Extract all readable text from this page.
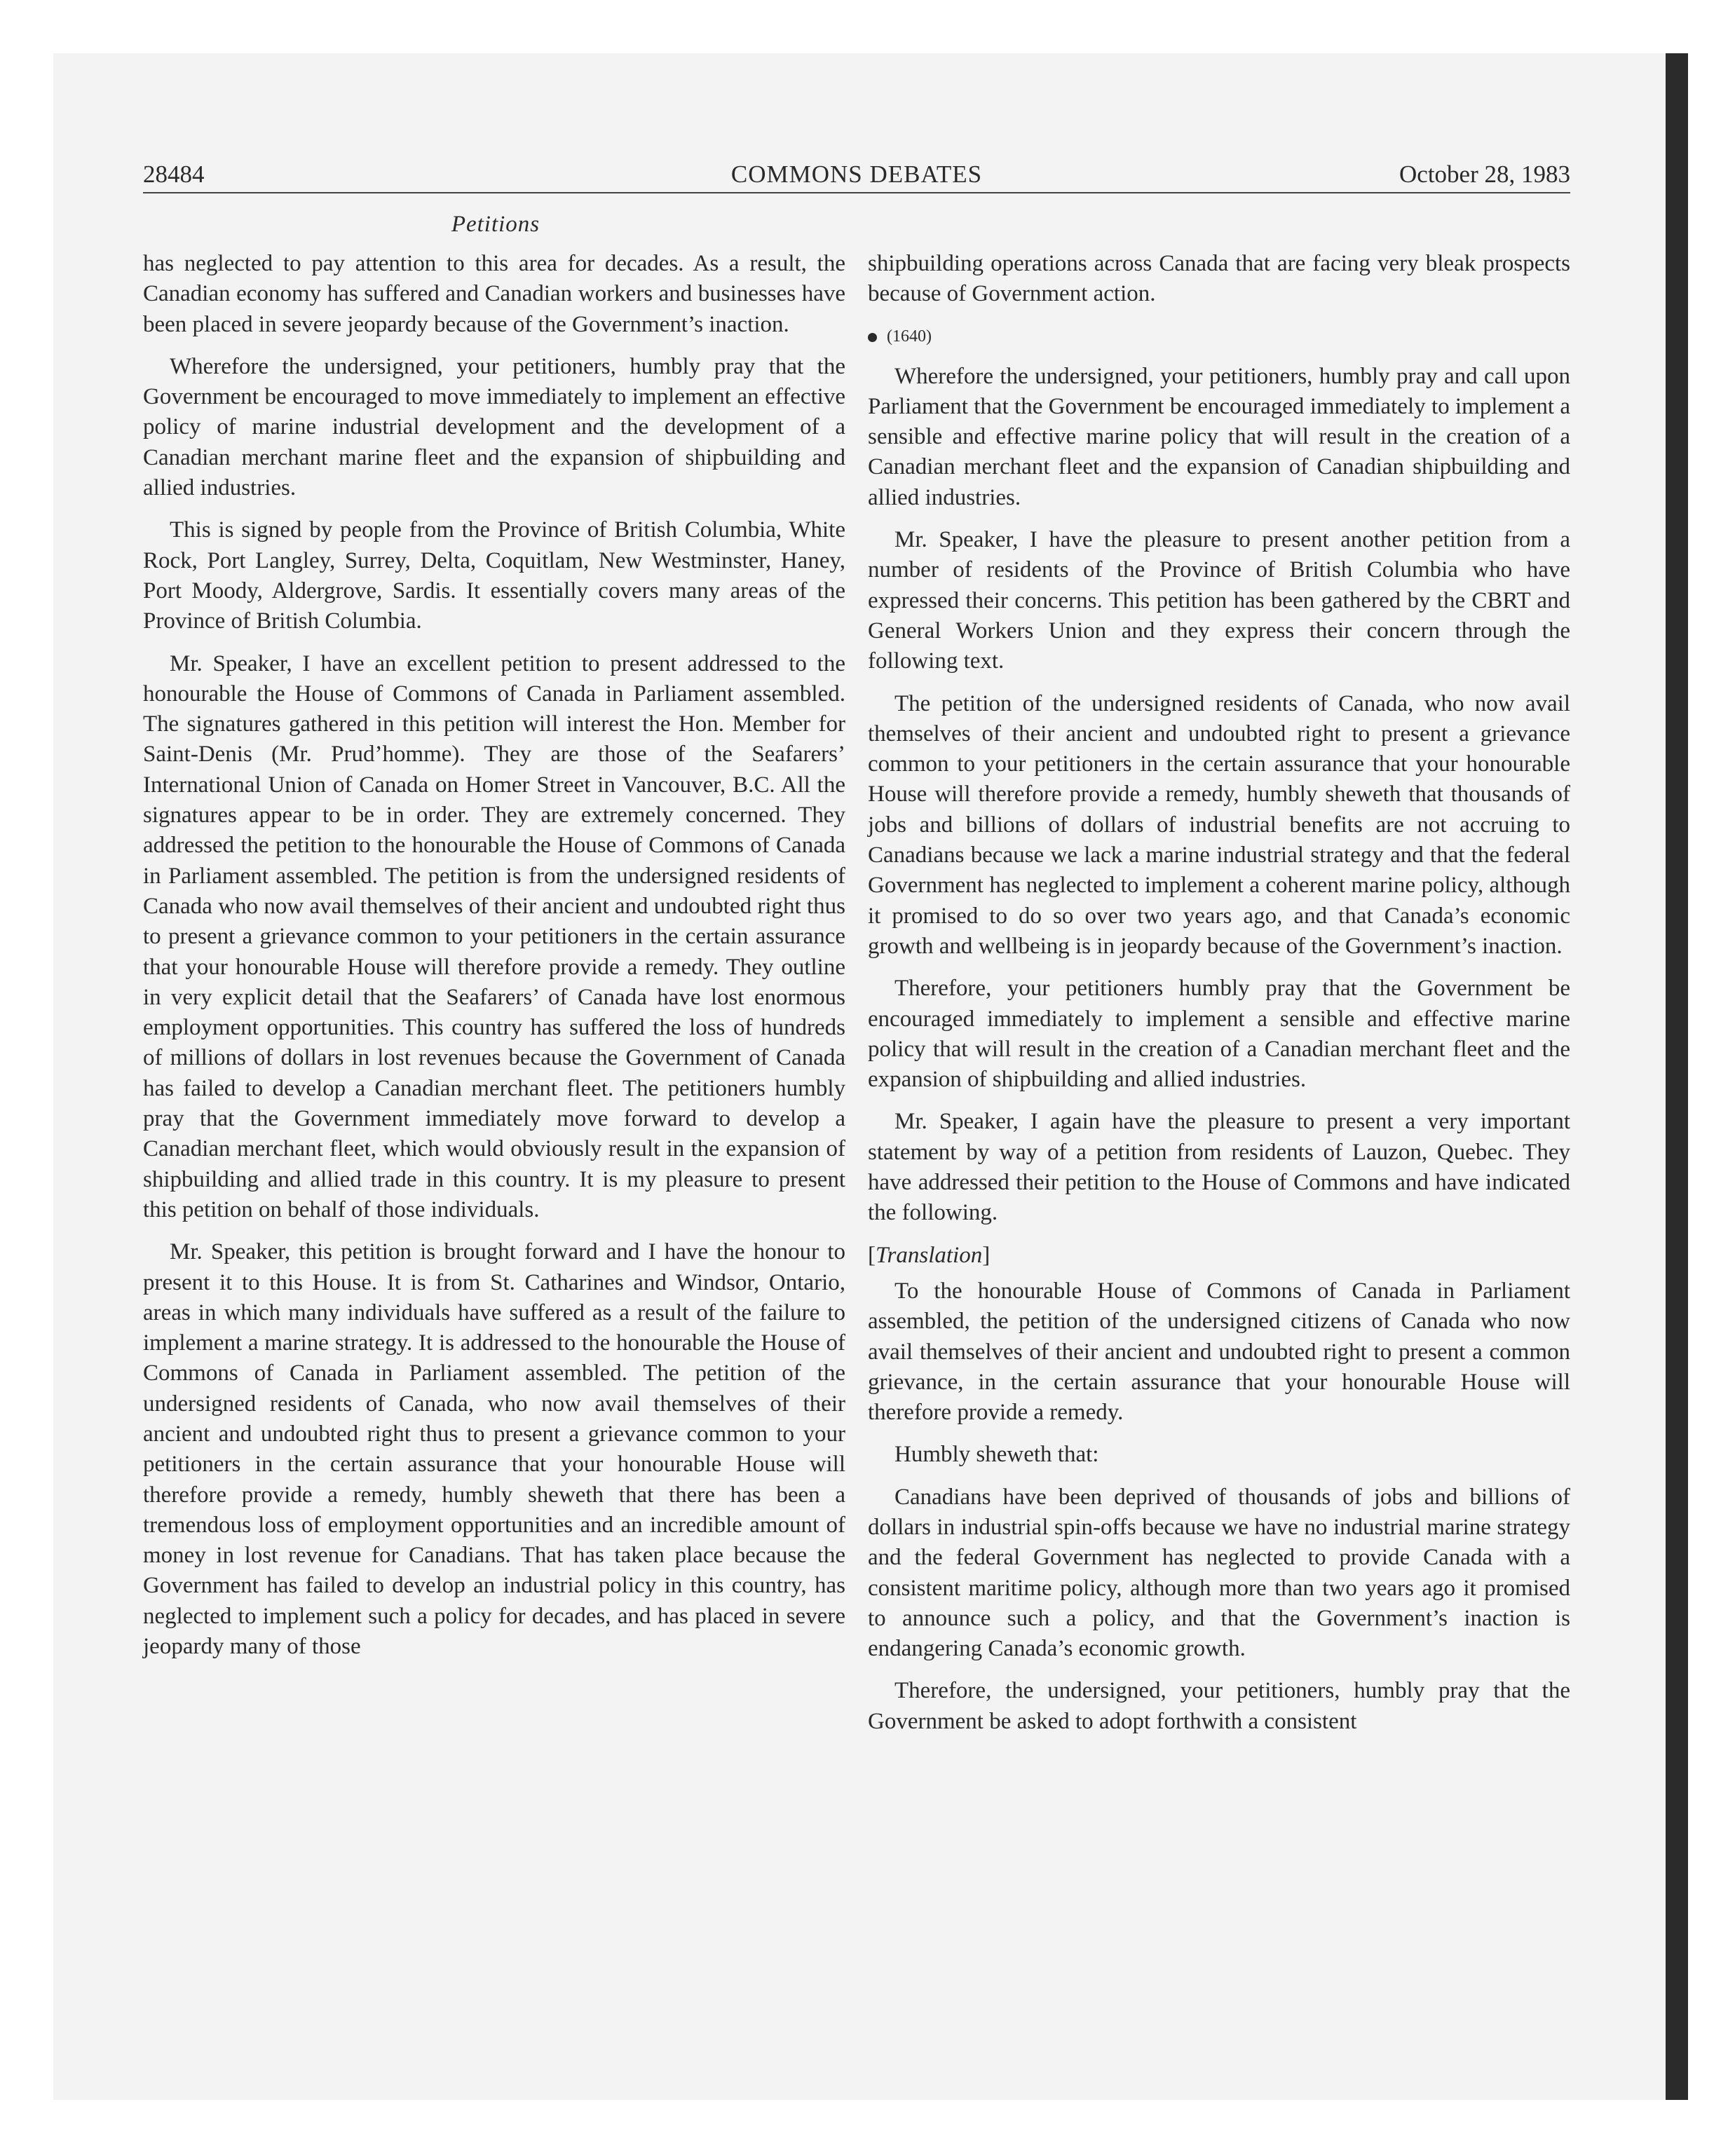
28484	COMMONS DEBATES	October 28, 1983
Petitions

has neglected to pay attention to this area for decades. As a result, the Canadian economy has suffered and Canadian workers and businesses have been placed in severe jeopardy because of the Government’s inaction.

Wherefore the undersigned, your petitioners, humbly pray that the Government be encouraged to move immediately to implement an effective policy of marine industrial development and the development of a Canadian merchant marine fleet and the expansion of shipbuilding and allied industries.

This is signed by people from the Province of British Columbia, White Rock, Port Langley, Surrey, Delta, Coquitlam, New Westminster, Haney, Port Moody, Aldergrove, Sardis. It essentially covers many areas of the Province of British Columbia.

Mr. Speaker, I have an excellent petition to present addressed to the honourable the House of Commons of Canada in Parliament assembled. The signatures gathered in this petition will interest the Hon. Member for Saint-Denis (Mr. Prud’homme). They are those of the Seafarers’ International Union of Canada on Homer Street in Vancouver, B.C. All the signatures appear to be in order. They are extremely concerned. They addressed the petition to the honourable the House of Commons of Canada in Parliament assembled. The petition is from the undersigned residents of Canada who now avail themselves of their ancient and undoubted right thus to present a grievance common to your petitioners in the certain assurance that your honourable House will therefore provide a remedy. They outline in very explicit detail that the Seafarers’ of Canada have lost enormous employment opportunities. This country has suffered the loss of hundreds of millions of dollars in lost revenues because the Government of Canada has failed to develop a Canadian merchant fleet. The petitioners humbly pray that the Government immediately move forward to develop a Canadian merchant fleet, which would obviously result in the expansion of shipbuilding and allied trade in this country. It is my pleasure to present this petition on behalf of those individuals.

Mr. Speaker, this petition is brought forward and I have the honour to present it to this House. It is from St. Catharines and Windsor, Ontario, areas in which many individuals have suffered as a result of the failure to implement a marine strategy. It is addressed to the honourable the House of Commons of Canada in Parliament assembled. The petition of the undersigned residents of Canada, who now avail themselves of their ancient and undoubted right thus to present a grievance common to your petitioners in the certain assurance that your honourable House will therefore provide a remedy, humbly sheweth that there has been a tremendous loss of employment opportunities and an incredible amount of money in lost revenue for Canadians. That has taken place because the Government has failed to develop an industrial policy in this country, has neglected to implement such a policy for decades, and has placed in severe jeopardy many of those

shipbuilding operations across Canada that are facing very bleak prospects because of Government action.

(1640)

Wherefore the undersigned, your petitioners, humbly pray and call upon Parliament that the Government be encouraged immediately to implement a sensible and effective marine policy that will result in the creation of a Canadian merchant fleet and the expansion of Canadian shipbuilding and allied industries.

Mr. Speaker, I have the pleasure to present another petition from a number of residents of the Province of British Columbia who have expressed their concerns. This petition has been gathered by the CBRT and General Workers Union and they express their concern through the following text.

The petition of the undersigned residents of Canada, who now avail themselves of their ancient and undoubted right to present a grievance common to your petitioners in the certain assurance that your honourable House will therefore provide a remedy, humbly sheweth that thousands of jobs and billions of dollars of industrial benefits are not accruing to Canadians because we lack a marine industrial strategy and that the federal Government has neglected to implement a coherent marine policy, although it promised to do so over two years ago, and that Canada’s economic growth and wellbeing is in jeopardy because of the Government’s inaction.

Therefore, your petitioners humbly pray that the Government be encouraged immediately to implement a sensible and effective marine policy that will result in the creation of a Canadian merchant fleet and the expansion of shipbuilding and allied industries.

Mr. Speaker, I again have the pleasure to present a very important statement by way of a petition from residents of Lauzon, Quebec. They have addressed their petition to the House of Commons and have indicated the following.

[Translation]

To the honourable House of Commons of Canada in Parliament assembled, the petition of the undersigned citizens of Canada who now avail themselves of their ancient and undoubted right to present a common grievance, in the certain assurance that your honourable House will therefore provide a remedy.

Humbly sheweth that:

Canadians have been deprived of thousands of jobs and billions of dollars in industrial spin-offs because we have no industrial marine strategy and the federal Government has neglected to provide Canada with a consistent maritime policy, although more than two years ago it promised to announce such a policy, and that the Government’s inaction is endangering Canada’s economic growth.

Therefore, the undersigned, your petitioners, humbly pray that the Government be asked to adopt forthwith a consistent
